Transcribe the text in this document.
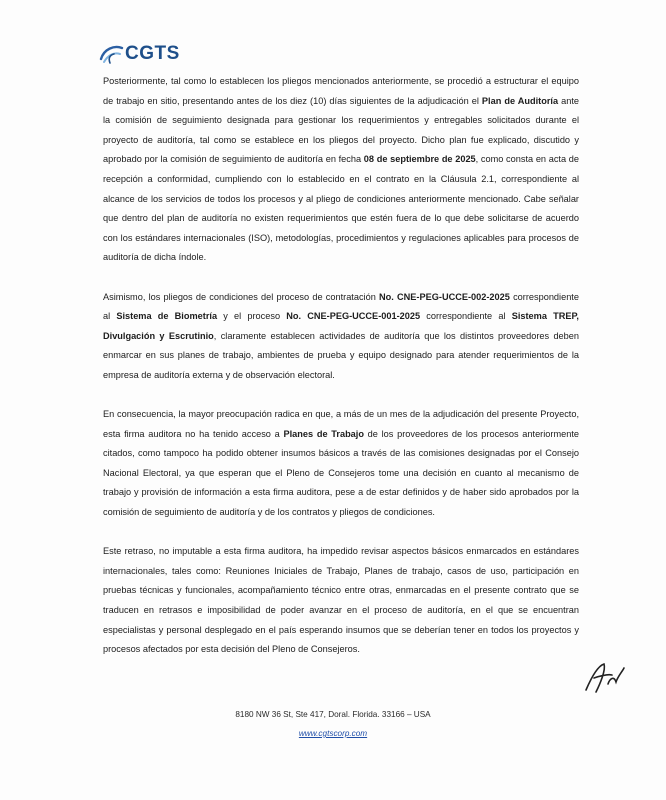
CGTS

Posteriormente, tal como lo establecen los pliegos mencionados anteriormente, se procedió a estructurar el equipo de trabajo en sitio, presentando antes de los diez (10) días siguientes de la adjudicación el Plan de Auditoría ante la comisión de seguimiento designada para gestionar los requerimientos y entregables solicitados durante el proyecto de auditoría, tal como se establece en los pliegos del proyecto. Dicho plan fue explicado, discutido y aprobado por la comisión de seguimiento de auditoría en fecha 08 de septiembre de 2025, como consta en acta de recepción a conformidad, cumpliendo con lo establecido en el contrato en la Cláusula 2.1, correspondiente al alcance de los servicios de todos los procesos y al pliego de condiciones anteriormente mencionado. Cabe señalar que dentro del plan de auditoría no existen requerimientos que estén fuera de lo que debe solicitarse de acuerdo con los estándares internacionales (ISO), metodologías, procedimientos y regulaciones aplicables para procesos de auditoría de dicha índole.

Asimismo, los pliegos de condiciones del proceso de contratación No. CNE-PEG-UCCE-002-2025 correspondiente al Sistema de Biometría y el proceso No. CNE-PEG-UCCE-001-2025 correspondiente al Sistema TREP, Divulgación y Escrutinio, claramente establecen actividades de auditoría que los distintos proveedores deben enmarcar en sus planes de trabajo, ambientes de prueba y equipo designado para atender requerimientos de la empresa de auditoría externa y de observación electoral.

En consecuencia, la mayor preocupación radica en que, a más de un mes de la adjudicación del presente Proyecto, esta firma auditora no ha tenido acceso a Planes de Trabajo de los proveedores de los procesos anteriormente citados, como tampoco ha podido obtener insumos básicos a través de las comisiones designadas por el Consejo Nacional Electoral, ya que esperan que el Pleno de Consejeros tome una decisión en cuanto al mecanismo de trabajo y provisión de información a esta firma auditora, pese a de estar definidos y de haber sido aprobados por la comisión de seguimiento de auditoría y de los contratos y pliegos de condiciones.

Este retraso, no imputable a esta firma auditora, ha impedido revisar aspectos básicos enmarcados en estándares internacionales, tales como: Reuniones Iniciales de Trabajo, Planes de trabajo, casos de uso, participación en pruebas técnicas y funcionales, acompañamiento técnico entre otras, enmarcadas en el presente contrato que se traducen en retrasos e imposibilidad de poder avanzar en el proceso de auditoría, en el que se encuentran especialistas y personal desplegado en el país esperando insumos que se deberían tener en todos los proyectos y procesos afectados por esta decisión del Pleno de Consejeros.

8180 NW 36 St, Ste 417, Doral. Florida. 33166 – USA
www.cgtscorp.com
